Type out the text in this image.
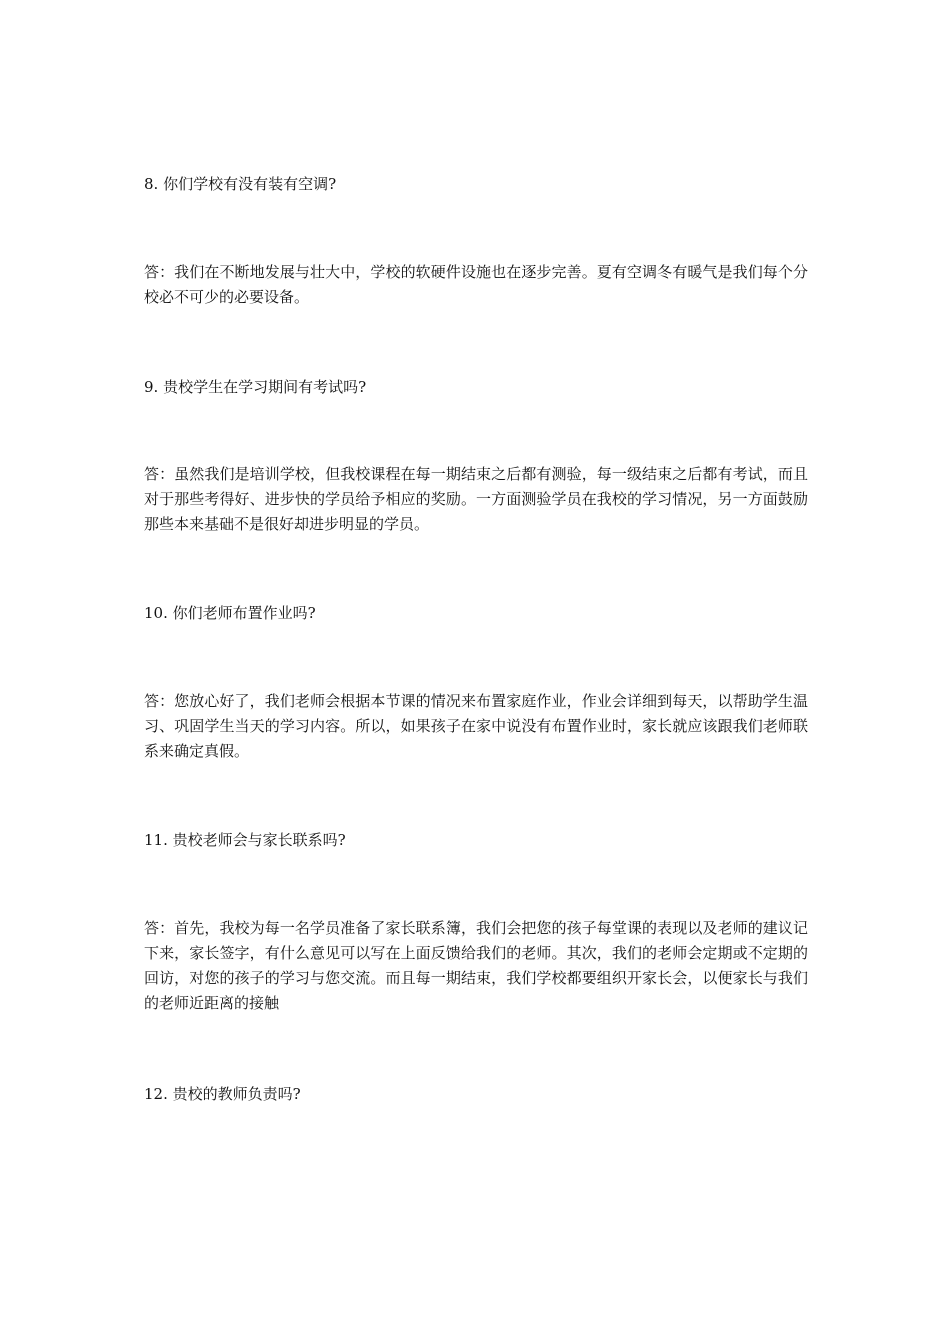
8. 你们学校有没有装有空调?

答：我们在不断地发展与壮大中，学校的软硬件设施也在逐步完善。夏有空调冬有暖气是我们每个分校必不可少的必要设备。

9. 贵校学生在学习期间有考试吗?

答：虽然我们是培训学校，但我校课程在每一期结束之后都有测验，每一级结束之后都有考试，而且对于那些考得好、进步快的学员给予相应的奖励。一方面测验学员在我校的学习情况，另一方面鼓励那些本来基础不是很好却进步明显的学员。

10. 你们老师布置作业吗?

答：您放心好了，我们老师会根据本节课的情况来布置家庭作业，作业会详细到每天，以帮助学生温习、巩固学生当天的学习内容。所以，如果孩子在家中说没有布置作业时，家长就应该跟我们老师联系来确定真假。

11. 贵校老师会与家长联系吗?

答：首先，我校为每一名学员准备了家长联系簿，我们会把您的孩子每堂课的表现以及老师的建议记下来，家长签字，有什么意见可以写在上面反馈给我们的老师。其次，我们的老师会定期或不定期的回访，对您的孩子的学习与您交流。而且每一期结束，我们学校都要组织开家长会，以便家长与我们的老师近距离的接触

12. 贵校的教师负责吗?
